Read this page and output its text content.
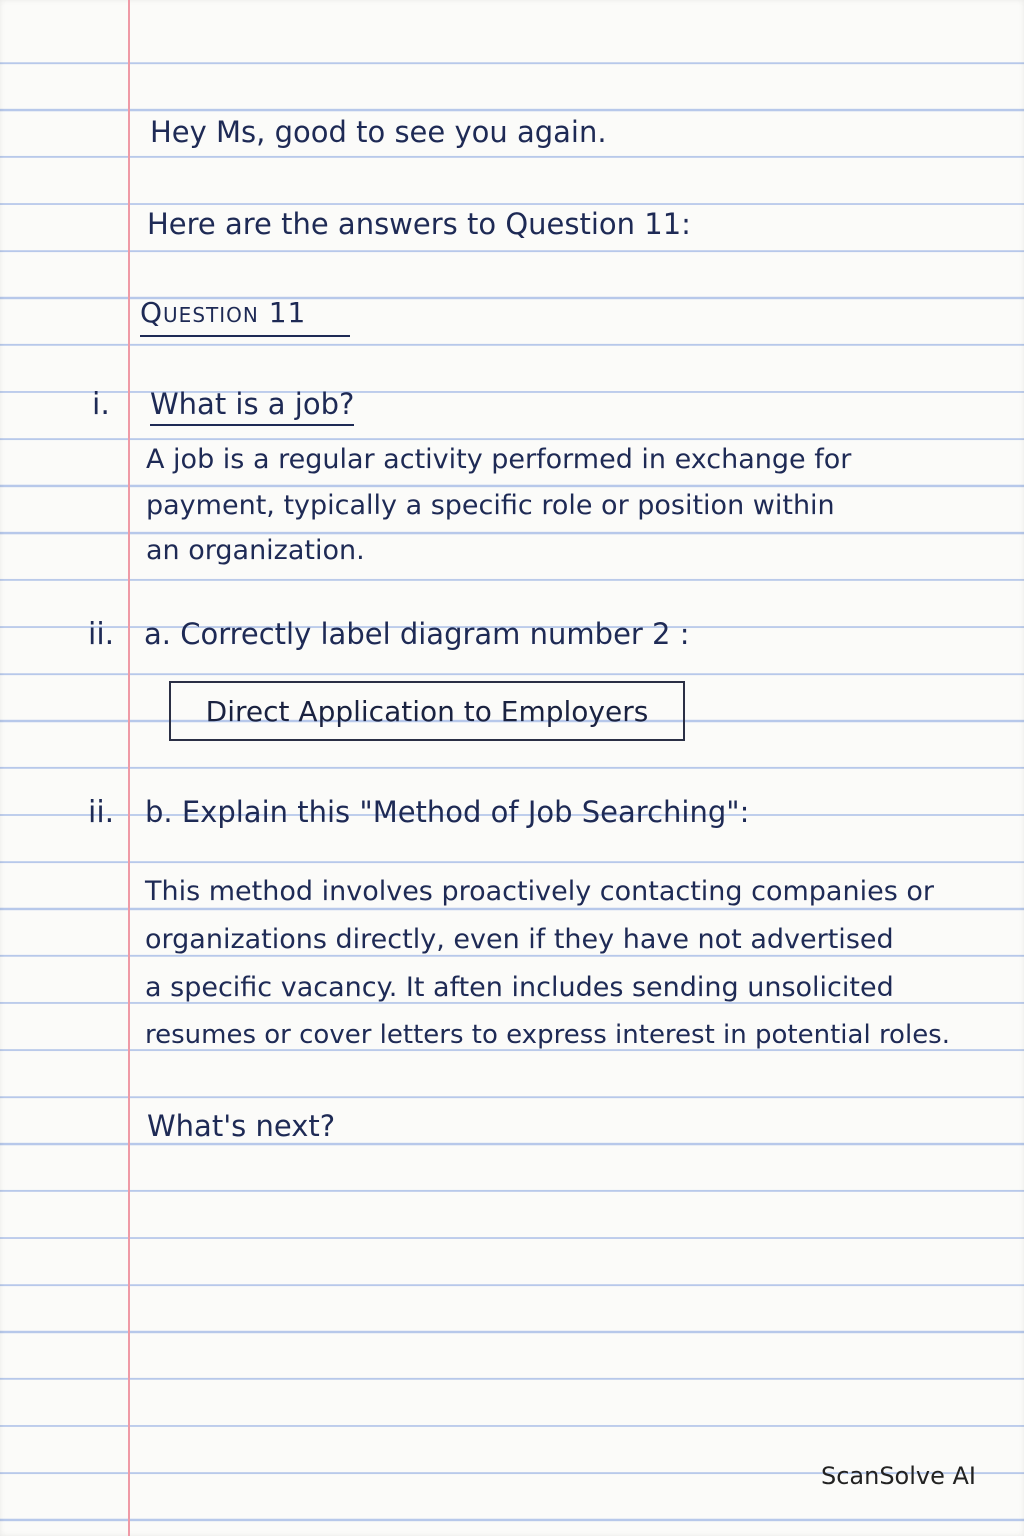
Hey Ms, good to see you again.
Here are the answers to Question 11:
Question 11
i. What is a job?
A job is a regular activity performed in exchange for
payment, typically a specific role or position within
an organization.
ii. a. Correctly label diagram number 2 :
Direct Application to Employers
ii. b. Explain this "Method of Job Searching":
This method involves proactively contacting companies or
organizations directly, even if they have not advertised
a specific vacancy. It aften includes sending unsolicited
resumes or cover letters to express interest in potential roles.
What's next?
ScanSolve AI
